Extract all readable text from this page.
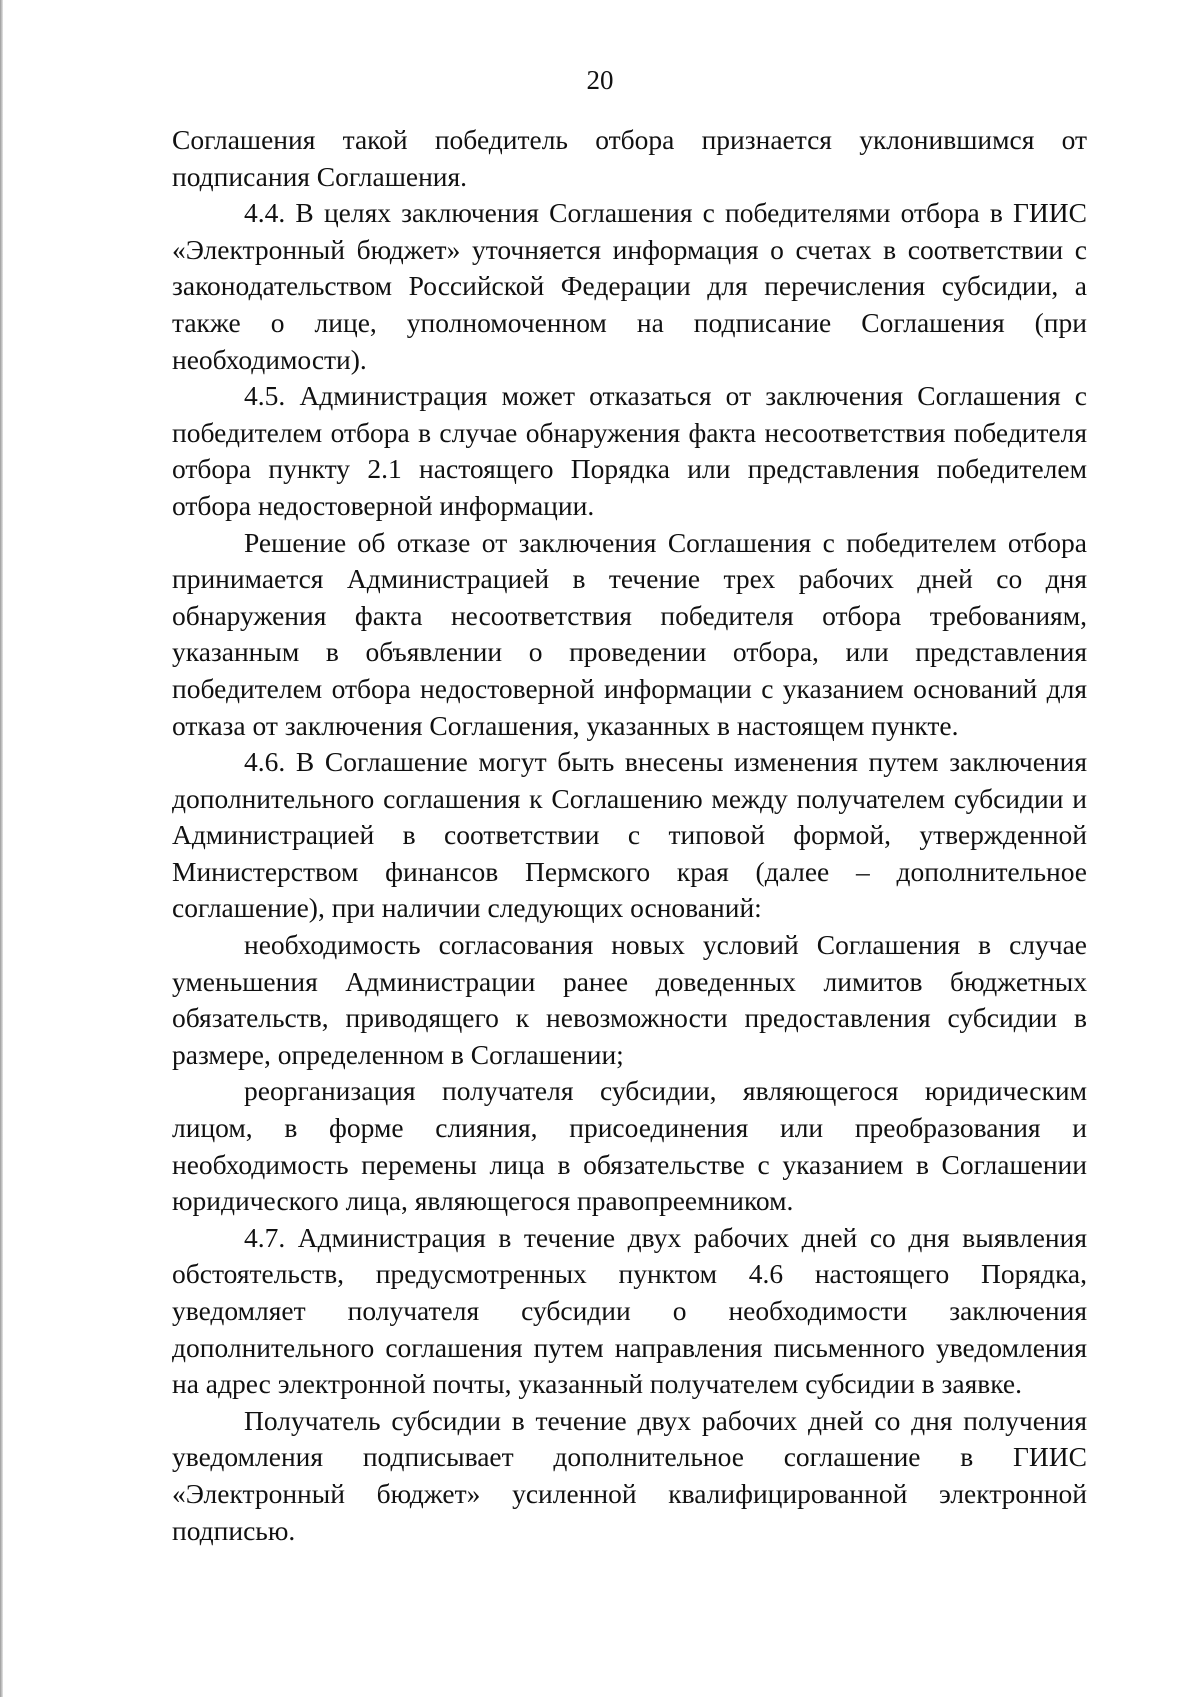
20

Соглашения такой победитель отбора признается уклонившимся от подписания Соглашения.

4.4. В целях заключения Соглашения с победителями отбора в ГИИС «Электронный бюджет» уточняется информация о счетах в соответствии с законодательством Российской Федерации для перечисления субсидии, а также о лице, уполномоченном на подписание Соглашения (при необходимости).

4.5. Администрация может отказаться от заключения Соглашения с победителем отбора в случае обнаружения факта несоответствия победителя отбора пункту 2.1 настоящего Порядка или представления победителем отбора недостоверной информации.

Решение об отказе от заключения Соглашения с победителем отбора принимается Администрацией в течение трех рабочих дней со дня обнаружения факта несоответствия победителя отбора требованиям, указанным в объявлении о проведении отбора, или представления победителем отбора недостоверной информации с указанием оснований для отказа от заключения Соглашения, указанных в настоящем пункте.

4.6. В Соглашение могут быть внесены изменения путем заключения дополнительного соглашения к Соглашению между получателем субсидии и Администрацией в соответствии с типовой формой, утвержденной Министерством финансов Пермского края (далее – дополнительное соглашение), при наличии следующих оснований:

необходимость согласования новых условий Соглашения в случае уменьшения Администрации ранее доведенных лимитов бюджетных обязательств, приводящего к невозможности предоставления субсидии в размере, определенном в Соглашении;

реорганизация получателя субсидии, являющегося юридическим лицом, в форме слияния, присоединения или преобразования и необходимость перемены лица в обязательстве с указанием в Соглашении юридического лица, являющегося правопреемником.

4.7. Администрация в течение двух рабочих дней со дня выявления обстоятельств, предусмотренных пунктом 4.6 настоящего Порядка, уведомляет получателя субсидии о необходимости заключения дополнительного соглашения путем направления письменного уведомления на адрес электронной почты, указанный получателем субсидии в заявке.

Получатель субсидии в течение двух рабочих дней со дня получения уведомления подписывает дополнительное соглашение в ГИИС «Электронный бюджет» усиленной квалифицированной электронной подписью.
